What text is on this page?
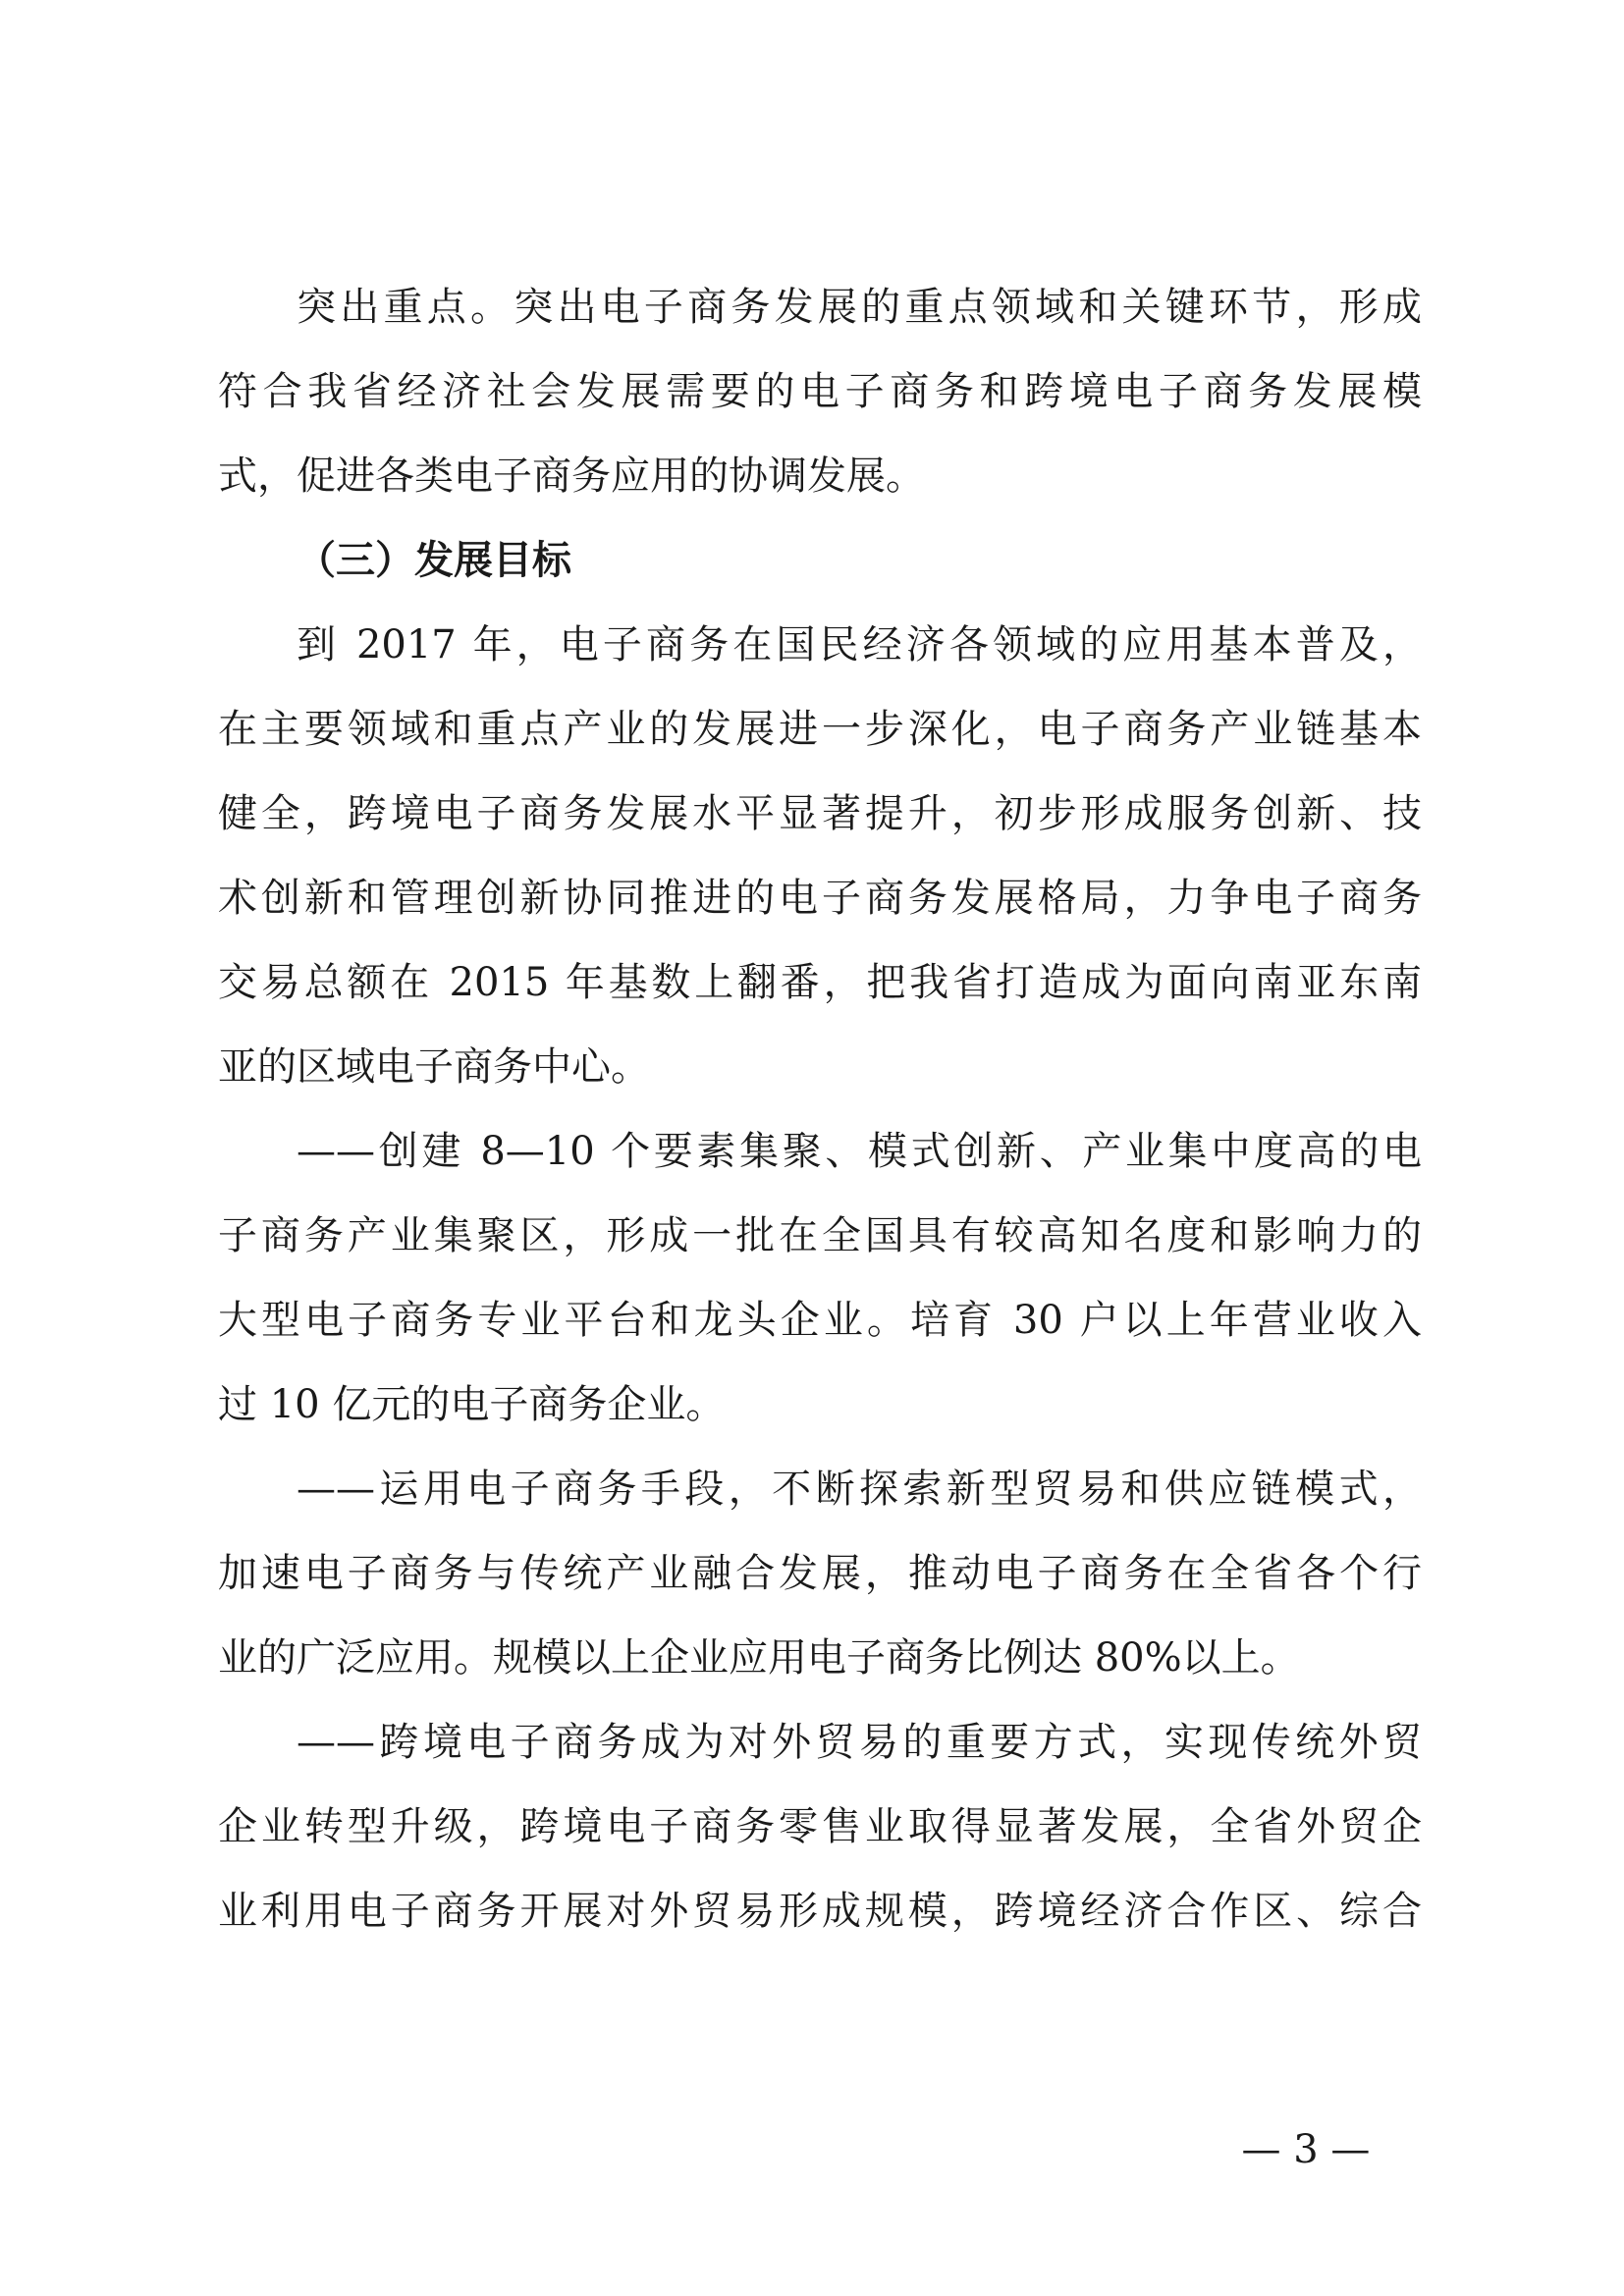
突出重点。突出电子商务发展的重点领域和关键环节，形成
符合我省经济社会发展需要的电子商务和跨境电子商务发展模
式，促进各类电子商务应用的协调发展。
（三）发展目标
到 2017 年，电子商务在国民经济各领域的应用基本普及，
在主要领域和重点产业的发展进一步深化，电子商务产业链基本
健全，跨境电子商务发展水平显著提升，初步形成服务创新、技
术创新和管理创新协同推进的电子商务发展格局，力争电子商务
交易总额在 2015 年基数上翻番，把我省打造成为面向南亚东南
亚的区域电子商务中心。
——创建 8—10 个要素集聚、模式创新、产业集中度高的电
子商务产业集聚区，形成一批在全国具有较高知名度和影响力的
大型电子商务专业平台和龙头企业。培育 30 户以上年营业收入
过 10 亿元的电子商务企业。
——运用电子商务手段，不断探索新型贸易和供应链模式，
加速电子商务与传统产业融合发展，推动电子商务在全省各个行
业的广泛应用。规模以上企业应用电子商务比例达 80%以上。
——跨境电子商务成为对外贸易的重要方式，实现传统外贸
企业转型升级，跨境电子商务零售业取得显著发展，全省外贸企
业利用电子商务开展对外贸易形成规模，跨境经济合作区、综合
— 3 —
